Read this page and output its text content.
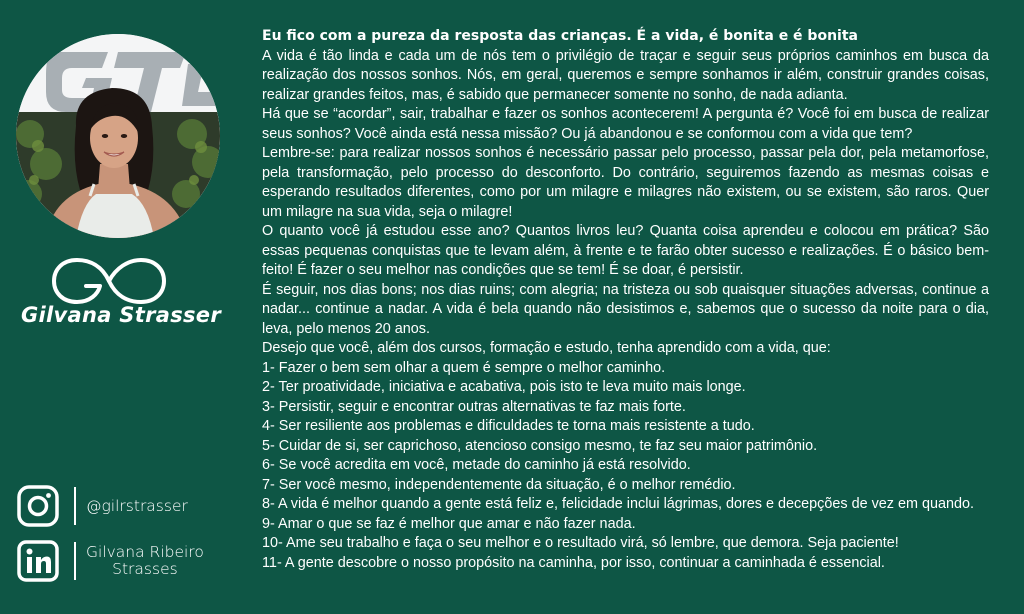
Gilvana Strasser
@gilrstrasser
Gilvana Ribeiro
Strasses
Eu fico com a pureza da resposta das crianças. É a vida, é bonita e é bonita

A vida é tão linda e cada um de nós tem o privilégio de traçar e seguir seus próprios caminhos em busca da realização dos nossos sonhos. Nós, em geral, queremos e sempre sonhamos ir além, construir grandes coisas, realizar grandes feitos, mas, é sabido que permanecer somente no sonho, de nada adianta.

Há que se “acordar”, sair, trabalhar e fazer os sonhos acontecerem! A pergunta é? Você foi em busca de realizar seus sonhos? Você ainda está nessa missão? Ou já abandonou e se conformou com a vida que tem?

Lembre-se: para realizar nossos sonhos é necessário passar pelo processo, passar pela dor, pela metamorfose, pela transformação, pelo processo do desconforto. Do contrário, seguiremos fazendo as mesmas coisas e esperando resultados diferentes, como por um milagre e milagres não existem, ou se existem, são raros. Quer um milagre na sua vida, seja o milagre!

O quanto você já estudou esse ano? Quantos livros leu? Quanta coisa aprendeu e colocou em prática? São essas pequenas conquistas que te levam além, à frente e te farão obter sucesso e realizações. É o básico bem-feito! É fazer o seu melhor nas condições que se tem! É se doar, é persistir.

É seguir, nos dias bons; nos dias ruins; com alegria; na tristeza ou sob quaisquer situações adversas, continue a nadar... continue a nadar. A vida é bela quando não desistimos e, sabemos que o sucesso da noite para o dia, leva, pelo menos 20 anos.

Desejo que você, além dos cursos, formação e estudo, tenha aprendido com a vida, que:

1- Fazer o bem sem olhar a quem é sempre o melhor caminho.
2- Ter proatividade, iniciativa e acabativa, pois isto te leva muito mais longe.
3- Persistir, seguir e encontrar outras alternativas te faz mais forte.
4- Ser resiliente aos problemas e dificuldades te torna mais resistente a tudo.
5- Cuidar de si, ser caprichoso, atencioso consigo mesmo, te faz seu maior patrimônio.
6- Se você acredita em você, metade do caminho já está resolvido.
7- Ser você mesmo, independentemente da situação, é o melhor remédio.
8- A vida é melhor quando a gente está feliz e, felicidade inclui lágrimas, dores e decepções de vez em quando.
9- Amar o que se faz é melhor que amar e não fazer nada.
10- Ame seu trabalho e faça o seu melhor e o resultado virá, só lembre, que demora. Seja paciente!
11- A gente descobre o nosso propósito na caminha, por isso, continuar a caminhada é essencial.
